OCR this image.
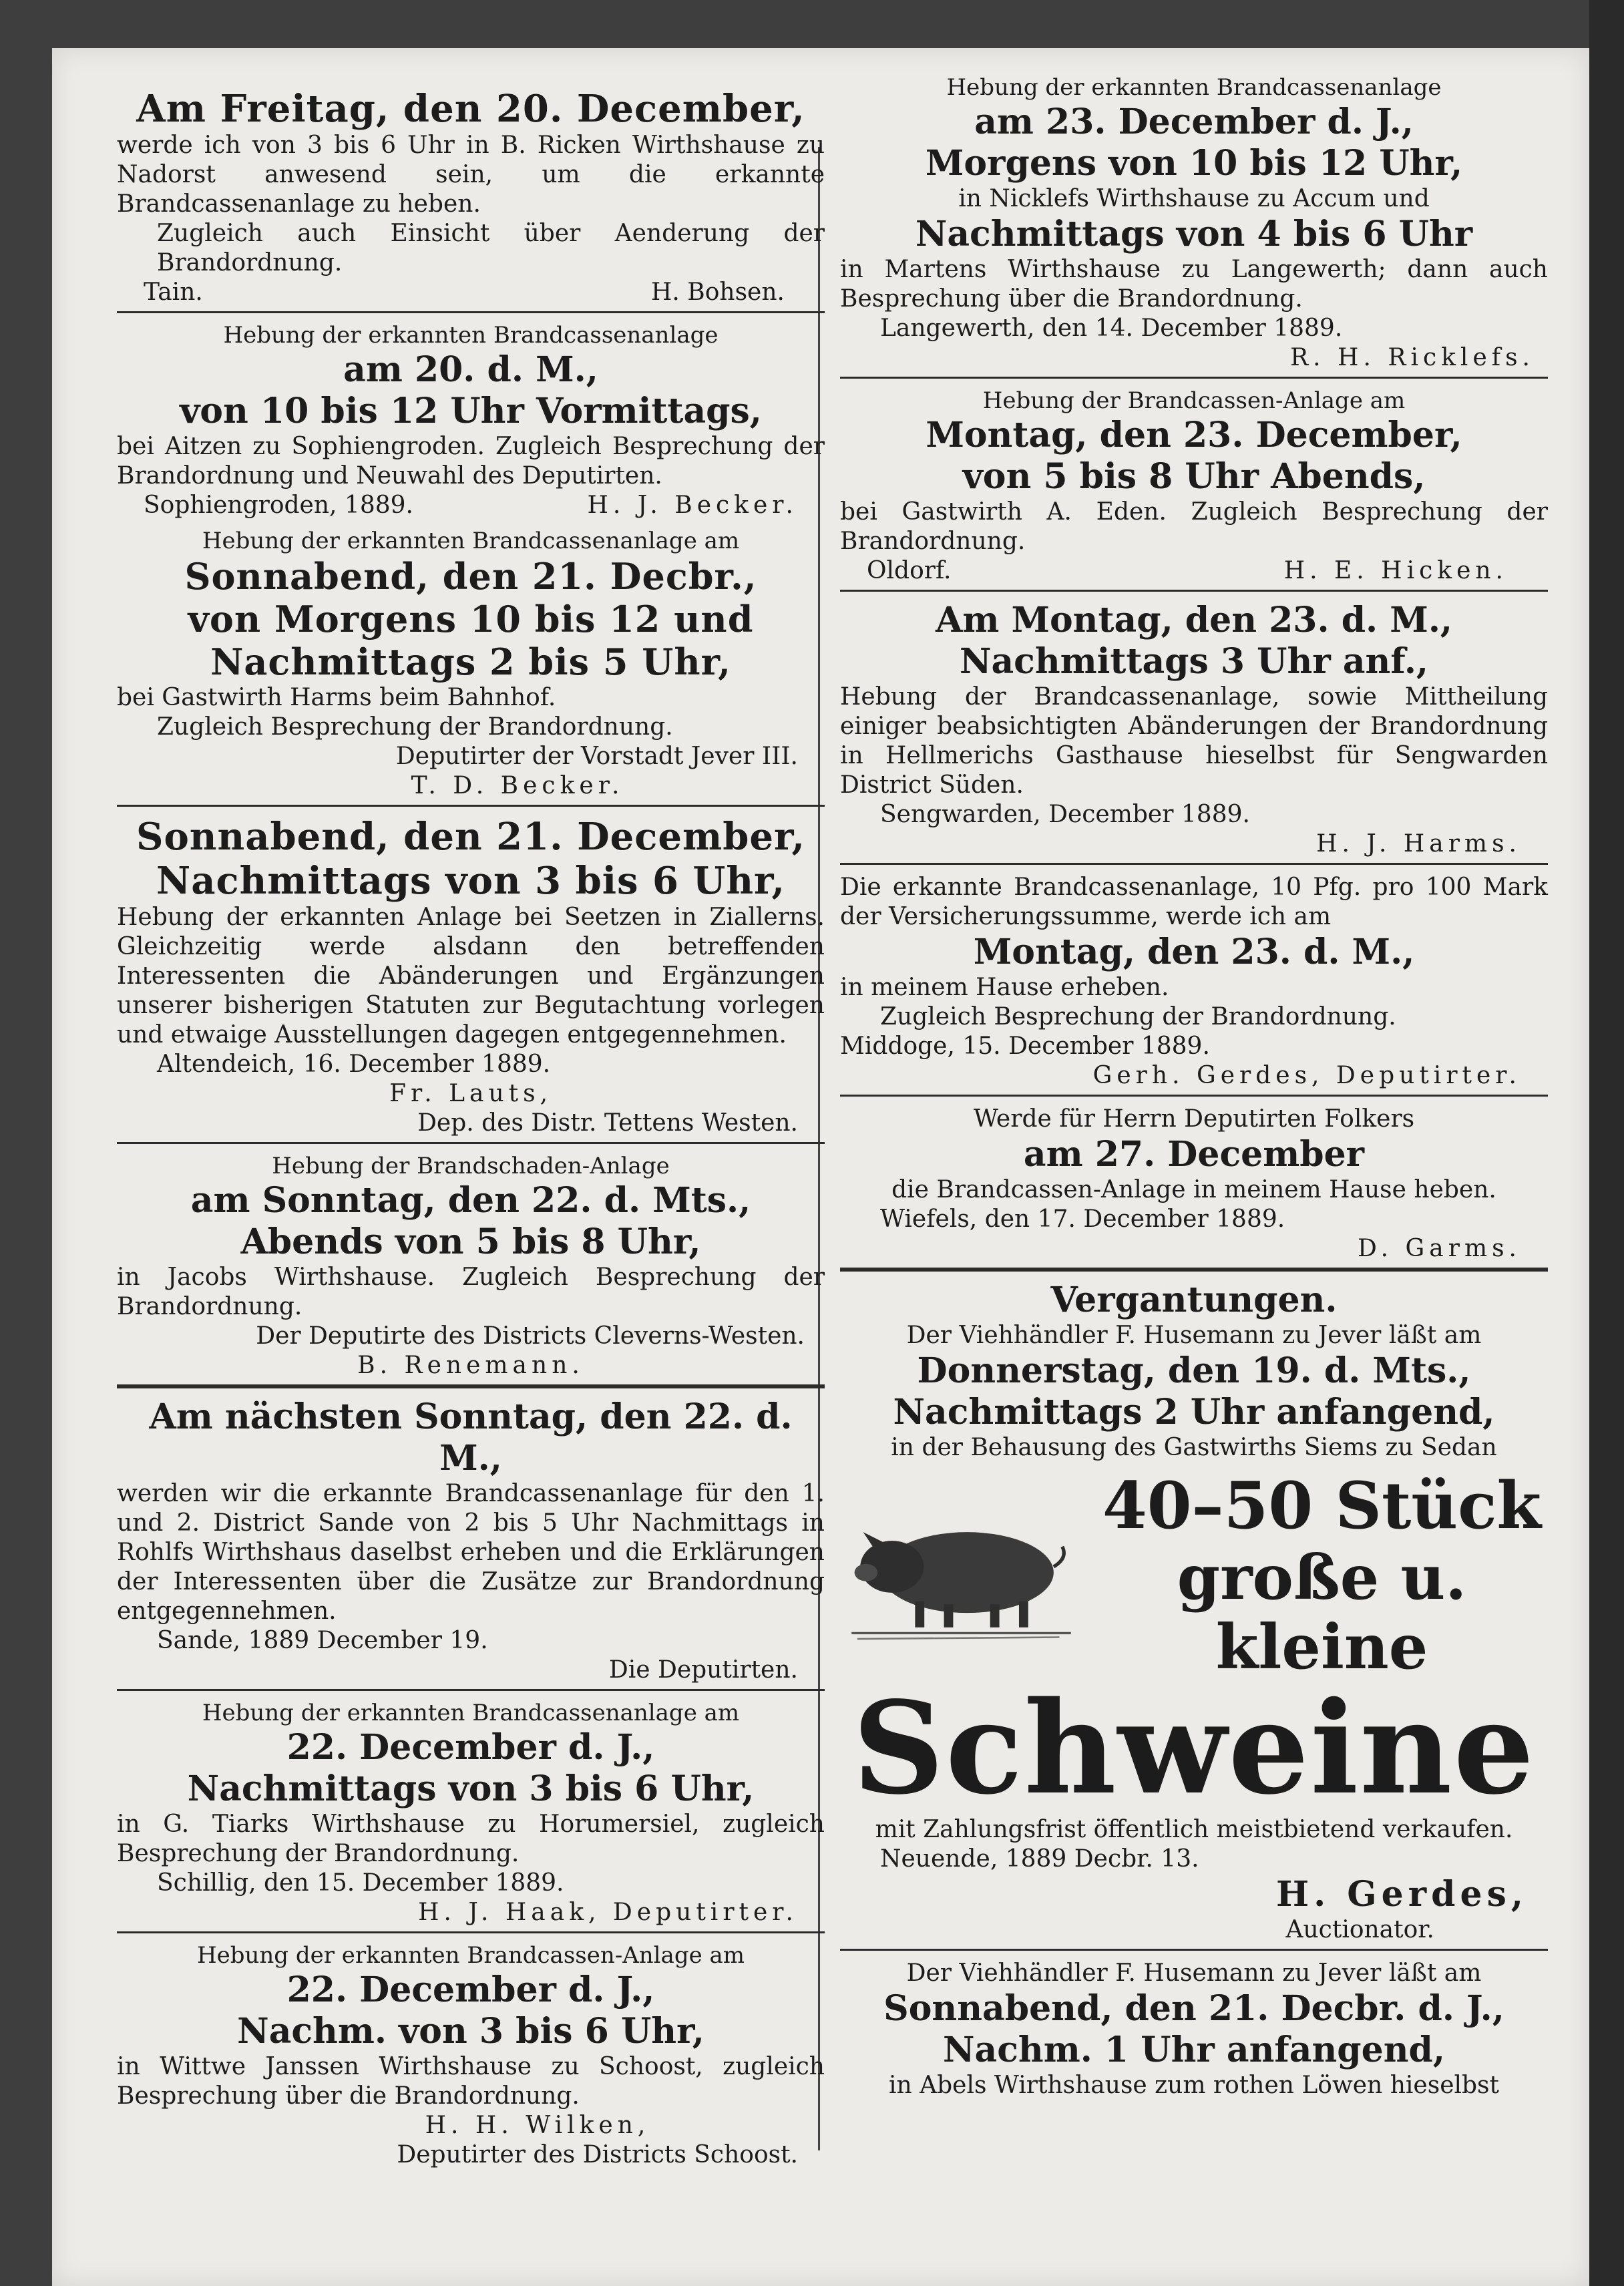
Am Freitag, den 20. December,
werde ich von 3 bis 6 Uhr in B. Ricken Wirthshause zu Nadorst anwesend sein, um die erkannte Brandcassenanlage zu heben.
Zugleich auch Einsicht über Aenderung der Brandordnung.
Tain.	H. Bohsen.
Hebung der erkannten Brandcassenanlage
am 20. d. M.,
von 10 bis 12 Uhr Vormittags,
bei Aitzen zu Sophiengroden. Zugleich Besprechung der Brandordnung und Neuwahl des Deputirten.
Sophiengroden, 1889.	H. J. Becker.
Hebung der erkannten Brandcassenanlage am
Sonnabend, den 21. Decbr.,
von Morgens 10 bis 12 und Nachmittags 2 bis 5 Uhr,
bei Gastwirth Harms beim Bahnhof.
Zugleich Besprechung der Brandordnung.
Deputirter der Vorstadt Jever III.
T. D. Becker.
Sonnabend, den 21. December,
Nachmittags von 3 bis 6 Uhr,
Hebung der erkannten Anlage bei Seetzen in Ziallerns. Gleichzeitig werde alsdann den betreffenden Interessenten die Abänderungen und Ergänzungen unserer bisherigen Statuten zur Begutachtung vorlegen und etwaige Ausstellungen dagegen entgegennehmen.
Altendeich, 16. December 1889.
Fr. Lauts,
Dep. des Distr. Tettens Westen.
Hebung der Brandschaden-Anlage
am Sonntag, den 22. d. Mts.,
Abends von 5 bis 8 Uhr,
in Jacobs Wirthshause. Zugleich Besprechung der Brandordnung.
Der Deputirte des Districts Cleverns-Westen.
B. Renemann.
Am nächsten Sonntag, den 22. d. M.,
werden wir die erkannte Brandcassenanlage für den 1. und 2. District Sande von 2 bis 5 Uhr Nachmittags in Rohlfs Wirthshaus daselbst erheben und die Erklärungen der Interessenten über die Zusätze zur Brandordnung entgegennehmen.
Sande, 1889 December 19.
Die Deputirten.
Hebung der erkannten Brandcassenanlage am
22. December d. J.,
Nachmittags von 3 bis 6 Uhr,
in G. Tiarks Wirthshause zu Horumersiel, zugleich Besprechung der Brandordnung.
Schillig, den 15. December 1889.
H. J. Haak, Deputirter.
Hebung der erkannten Brandcassen-Anlage am
22. December d. J.,
Nachm. von 3 bis 6 Uhr,
in Wittwe Janssen Wirthshause zu Schoost, zugleich Besprechung über die Brandordnung.
H. H. Wilken,
Deputirter des Districts Schoost.
Hebung der erkannten Brandcassenanlage
am 23. December d. J.,
Morgens von 10 bis 12 Uhr,
in Nicklefs Wirthshause zu Accum und
Nachmittags von 4 bis 6 Uhr
in Martens Wirthshause zu Langewerth; dann auch Besprechung über die Brandordnung.
Langewerth, den 14. December 1889.
R. H. Ricklefs.
Hebung der Brandcassen-Anlage am
Montag, den 23. December,
von 5 bis 8 Uhr Abends,
bei Gastwirth A. Eden. Zugleich Besprechung der Brandordnung.
Oldorf.	H. E. Hicken.
Am Montag, den 23. d. M.,
Nachmittags 3 Uhr anf.,
Hebung der Brandcassenanlage, sowie Mittheilung einiger beabsichtigten Abänderungen der Brandordnung in Hellmerichs Gasthause hieselbst für Sengwarden District Süden.
Sengwarden, December 1889.
H. J. Harms.
Die erkannte Brandcassenanlage, 10 Pfg. pro 100 Mark der Versicherungssumme, werde ich am
Montag, den 23. d. M.,
in meinem Hause erheben.
Zugleich Besprechung der Brandordnung.
Middoge, 15. December 1889.
Gerh. Gerdes, Deputirter.
Werde für Herrn Deputirten Folkers
am 27. December
die Brandcassen-Anlage in meinem Hause heben.
Wiefels, den 17. December 1889.
D. Garms.
Vergantungen.
Der Viehhändler F. Husemann zu Jever läßt am
Donnerstag, den 19. d. Mts.,
Nachmittags 2 Uhr anfangend,
in der Behausung des Gastwirths Siems zu Sedan
40–50 Stück
große u. kleine
Schweine
mit Zahlungsfrist öffentlich meistbietend verkaufen.
Neuende, 1889 Decbr. 13.
H. Gerdes,
Auctionator.
Der Viehhändler F. Husemann zu Jever läßt am
Sonnabend, den 21. Decbr. d. J.,
Nachm. 1 Uhr anfangend,
in Abels Wirthshause zum rothen Löwen hieselbst
